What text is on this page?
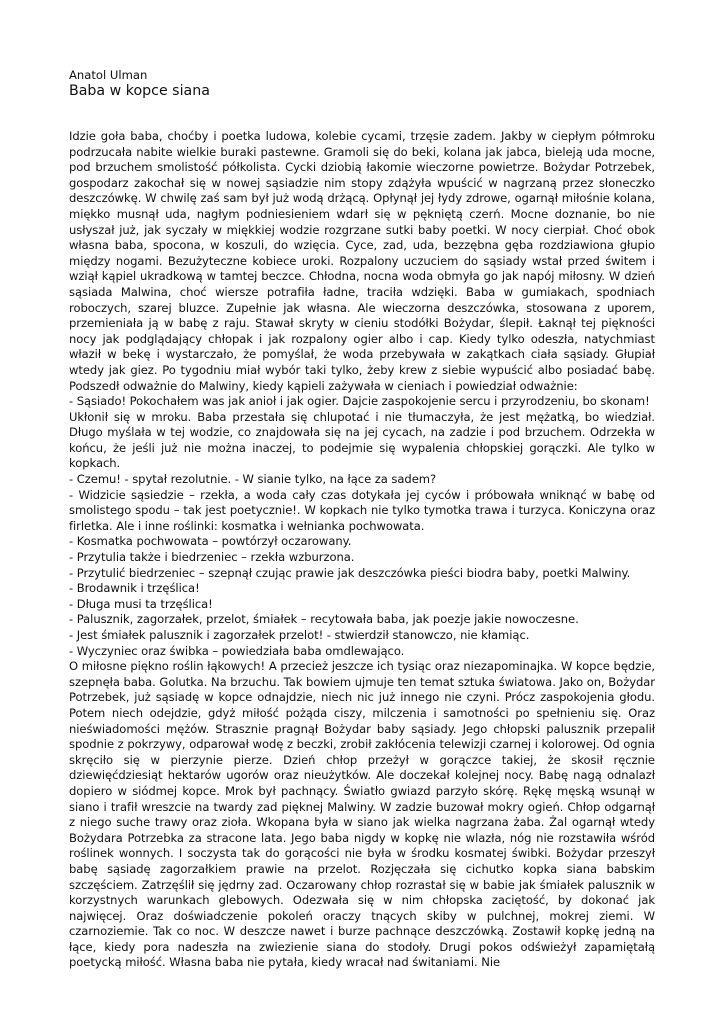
Anatol Ulman
Baba w kopce siana

Idzie goła baba, choćby i poetka ludowa, kolebie cycami, trzęsie zadem. Jakby w ciepłym półmroku podrzucała nabite wielkie buraki pastewne. Gramoli się do beki, kolana jak jabca, bieleją uda mocne, pod brzuchem smolistość półkolista. Cycki dziobią łakomie wieczorne powietrze. Bożydar Potrzebek, gospodarz zakochał się w nowej sąsiadzie nim stopy zdążyła wpuścić w nagrzaną przez słoneczko deszczówkę. W chwilę zaś sam był już wodą drżącą. Opłynął jej łydy zdrowe, ogarnął miłośnie kolana, miękko musnął uda, nagłym podniesieniem wdarł się w pękniętą czerń. Mocne doznanie, bo nie usłyszał już, jak syczały w miękkiej wodzie rozgrzane sutki baby poetki. W nocy cierpiał. Choć obok własna baba, spocona, w koszuli, do wzięcia. Cyce, zad, uda, bezzębna gęba rozdziawiona głupio między nogami. Bezużyteczne kobiece uroki. Rozpalony uczuciem do sąsiady wstał przed świtem i wziął kąpiel ukradkową w tamtej beczce. Chłodna, nocna woda obmyła go jak napój miłosny. W dzień sąsiada Malwina, choć wiersze potrafiła ładne, traciła wdzięki. Baba w gumiakach, spodniach roboczych, szarej bluzce. Zupełnie jak własna. Ale wieczorna deszczówka, stosowana z uporem, przemieniała ją w babę z raju. Stawał skryty w cieniu stodółki Bożydar, ślepił. Łaknął tej piękności nocy jak podglądający chłopak i jak rozpalony ogier albo i cap. Kiedy tylko odeszła, natychmiast właził w bekę i wystarczało, że pomyślał, że woda przebywała w zakątkach ciała sąsiady. Głupiał wtedy jak giez. Po tygodniu miał wybór taki tylko, żeby krew z siebie wypuścić albo posiadać babę. Podszedł odważnie do Malwiny, kiedy kąpieli zażywała w cieniach i powiedział odważnie:

- Sąsiado! Pokochałem was jak anioł i jak ogier. Dajcie zaspokojenie sercu i przyrodzeniu, bo skonam!

Ukłonił się w mroku. Baba przestała się chlupotać i nie tłumaczyła, że jest mężatką, bo wiedział. Długo myślała w tej wodzie, co znajdowała się na jej cycach, na zadzie i pod brzuchem. Odrzekła w końcu, że jeśli już nie można inaczej, to podejmie się wypalenia chłopskiej gorączki. Ale tylko w kopkach.

- Czemu! - spytał rezolutnie. - W sianie tylko, na łące za sadem?

- Widzicie sąsiedzie – rzekła, a woda cały czas dotykała jej cyców i próbowała wniknąć w babę od smolistego spodu – tak jest poetycznie!. W kopkach nie tylko tymotka trawa i turzyca. Koniczyna oraz firletka. Ale i inne roślinki: kosmatka i wełnianka pochwowata.

- Kosmatka pochwowata – powtórzył oczarowany.

- Przytulia także i biedrzeniec – rzekła wzburzona.

- Przytulić biedrzeniec – szepnął czując prawie jak deszczówka pieści biodra baby, poetki Malwiny.

- Brodawnik i trzęślica!

- Długa musi ta trzęślica!

- Palusznik, zagorzałek, przelot, śmiałek – recytowała baba, jak poezje jakie nowoczesne.

- Jest śmiałek palusznik i zagorzałek przelot! - stwierdził stanowczo, nie kłamiąc.

- Wyczyniec oraz świbka – powiedziała baba omdlewająco.

O miłosne piękno roślin łąkowych! A przecież jeszcze ich tysiąc oraz niezapominajka. W kopce będzie, szepnęła baba. Golutka. Na brzuchu. Tak bowiem ujmuje ten temat sztuka światowa. Jako on, Bożydar Potrzebek, już sąsiadę w kopce odnajdzie, niech nic już innego nie czyni. Prócz zaspokojenia głodu. Potem niech odejdzie, gdyż miłość pożąda ciszy, milczenia i samotności po spełnieniu się. Oraz nieświadomości mężów. Strasznie pragnął Bożydar baby sąsiady. Jego chłopski palusznik przepalił spodnie z pokrzywy, odparował wodę z beczki, zrobił zakłócenia telewizji czarnej i kolorowej. Od ognia skręciło się w pierzynie pierze. Dzień chłop przeżył w gorączce takiej, że skosił ręcznie dziewięćdziesiąt hektarów ugorów oraz nieużytków. Ale doczekał kolejnej nocy. Babę nagą odnalazł dopiero w siódmej kopce. Mrok był pachnący. Światło gwiazd parzyło skórę. Rękę męską wsunął w siano i trafił wreszcie na twardy zad pięknej Malwiny. W zadzie buzował mokry ogień. Chłop odgarnął z niego suche trawy oraz zioła. Wkopana była w siano jak wielka nagrzana żaba. Żal ogarnął wtedy Bożydara Potrzebka za stracone lata. Jego baba nigdy w kopkę nie wlazła, nóg nie rozstawiła wśród roślinek wonnych. I soczysta tak do gorącości nie była w środku kosmatej świbki. Bożydar przeszył babę sąsiadę zagorzałkiem prawie na przelot. Rozjęczała się cichutko kopka siana babskim szczęściem. Zatrzęślił się jędrny zad. Oczarowany chłop rozrastał się w babie jak śmiałek palusznik w korzystnych warunkach glebowych. Odezwała się w nim chłopska zaciętość, by dokonać jak najwięcej. Oraz doświadczenie pokoleń oraczy tnących skiby w pulchnej, mokrej ziemi. W czarnoziemie. Tak co noc. W deszcze nawet i burze pachnące deszczówką. Zostawił kopkę jedną na łące, kiedy pora nadeszła na zwiezienie siana do stodoły. Drugi pokos odświeżył zapamiętałą poetycką miłość. Własna baba nie pytała, kiedy wracał nad świtaniami. Nie
